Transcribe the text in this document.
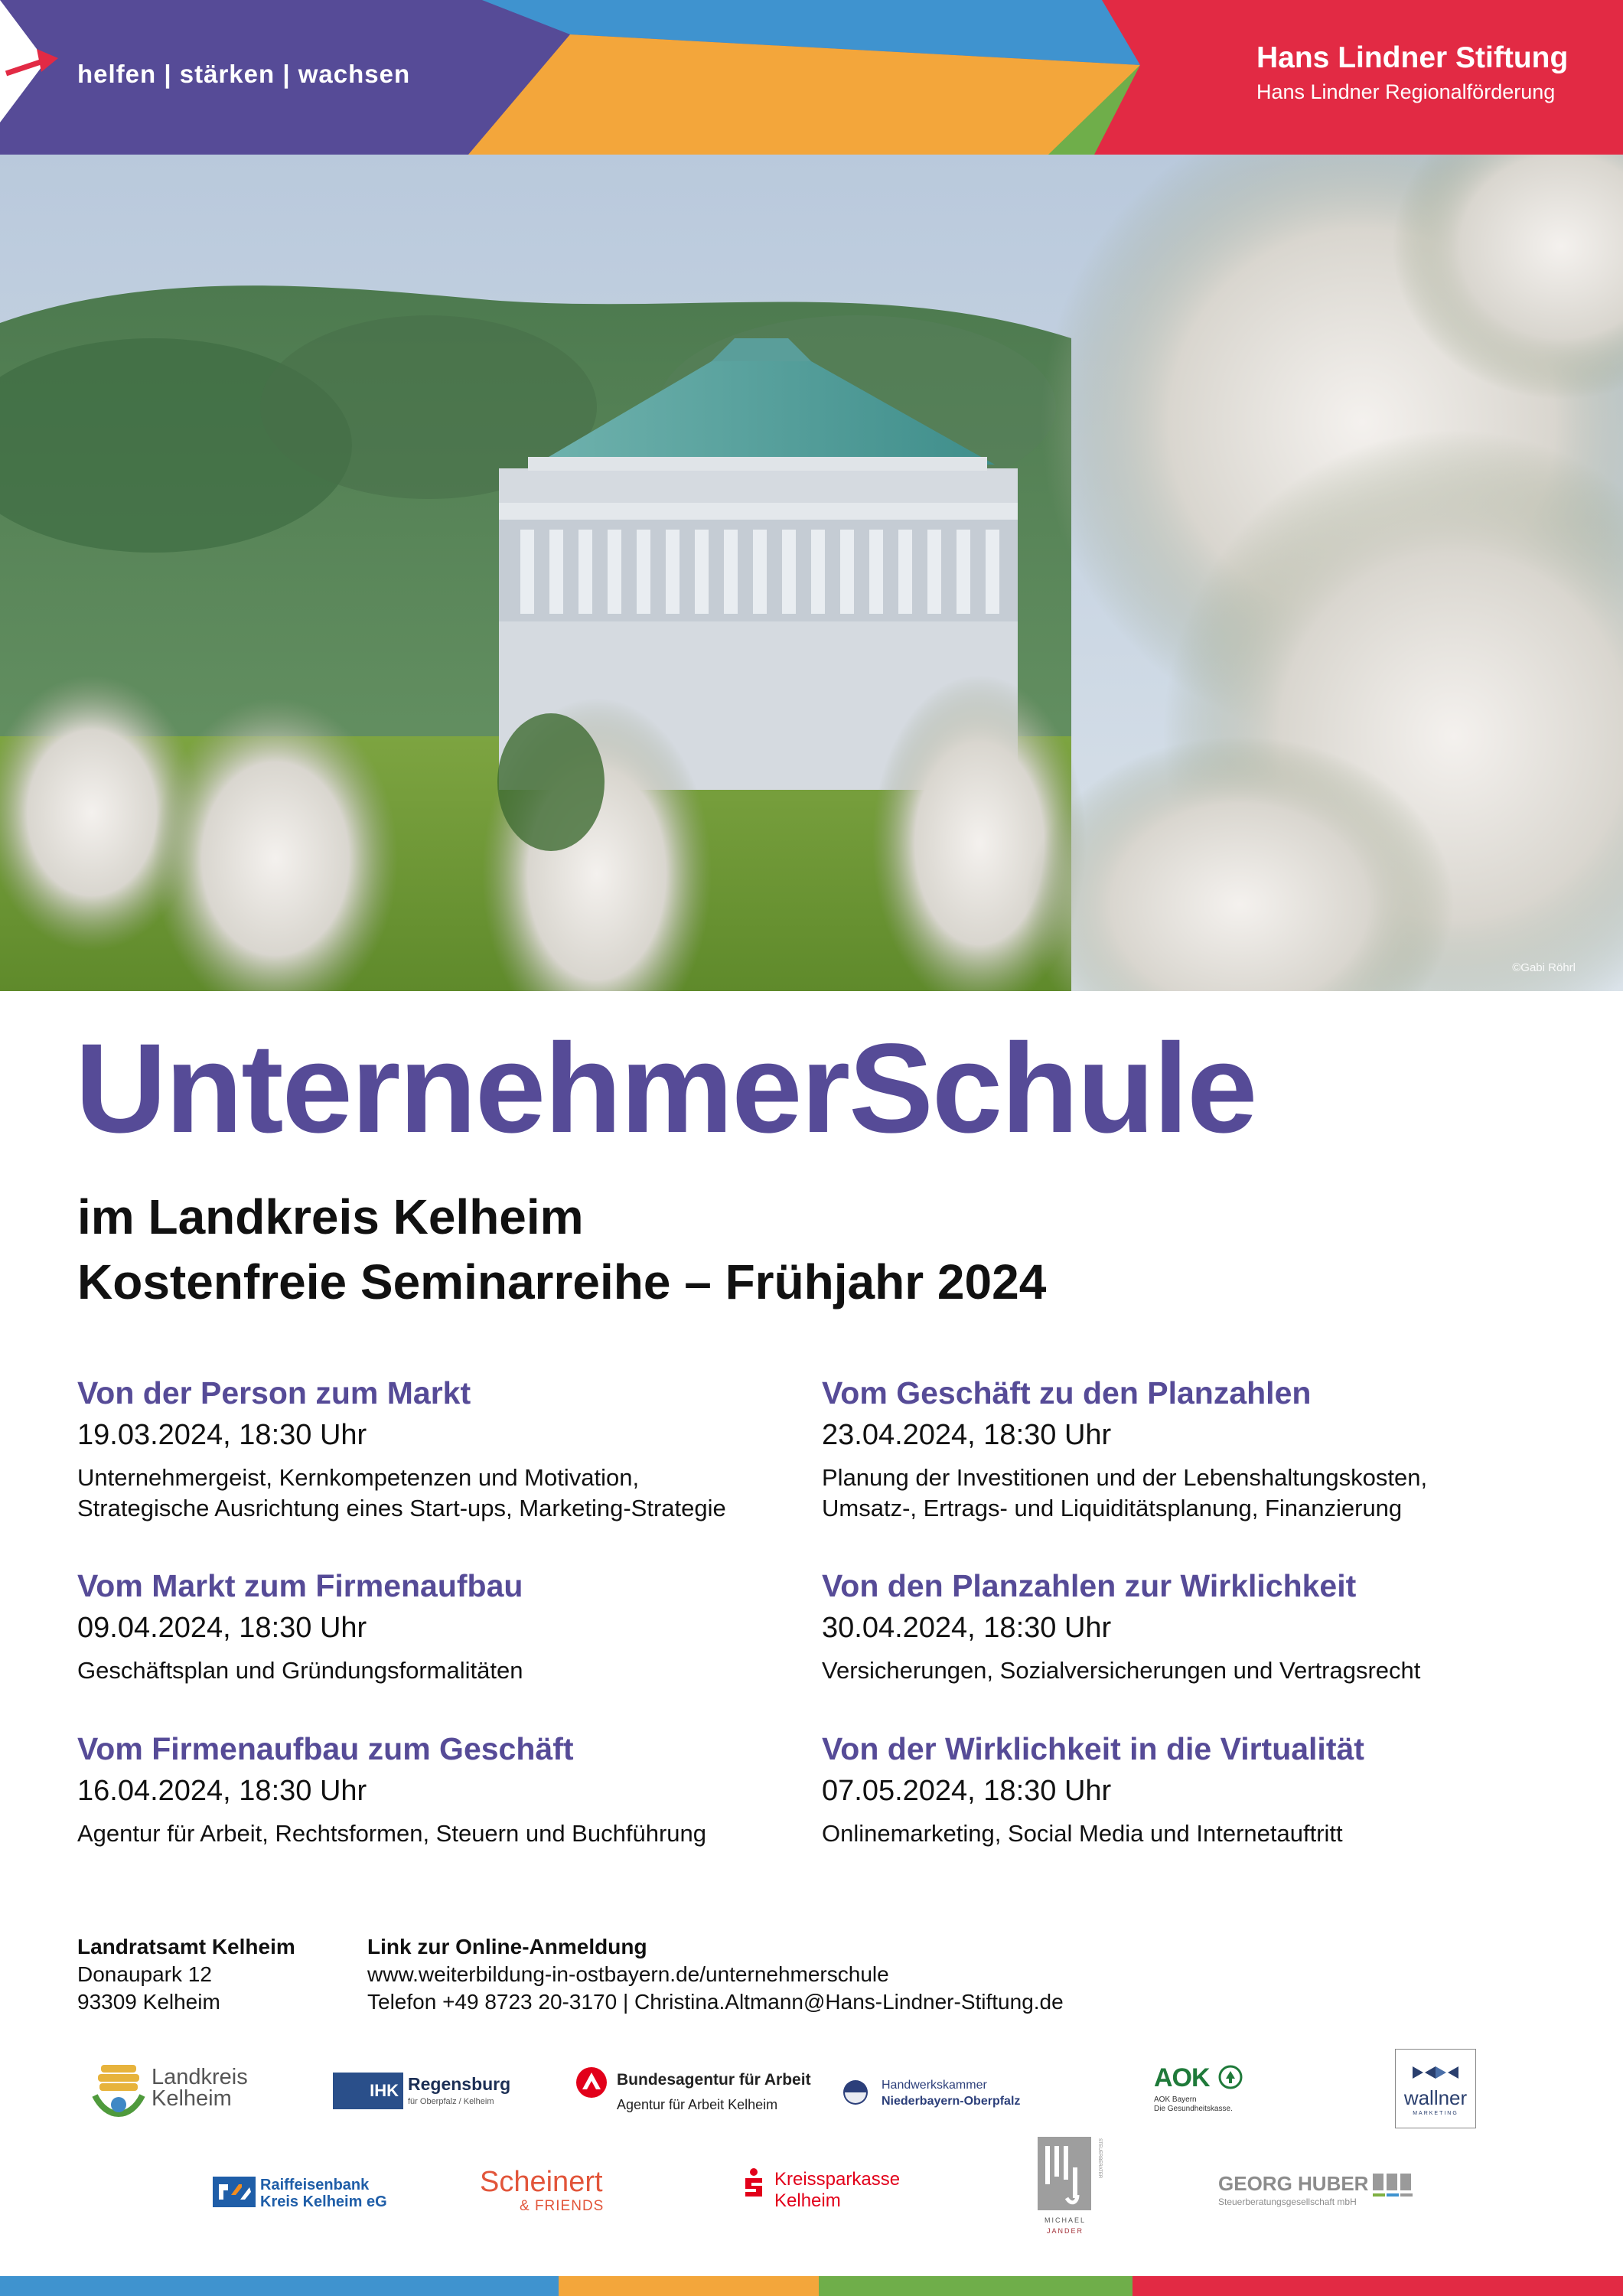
helfen | stärken | wachsen	Hans Lindner Stiftung
Hans Lindner Regionalförderung
©Gabi Röhrl
UnternehmerSchule
im Landkreis Kelheim
Kostenfreie Seminarreihe – Frühjahr 2024
Von der Person zum Markt
19.03.2024, 18:30 Uhr
Unternehmergeist, Kernkompetenzen und Motivation,
Strategische Ausrichtung eines Start-ups, Marketing-Strategie
Vom Geschäft zu den Planzahlen
23.04.2024, 18:30 Uhr
Planung der Investitionen und der Lebenshaltungskosten,
Umsatz-, Ertrags- und Liquiditätsplanung, Finanzierung
Vom Markt zum Firmenaufbau
09.04.2024, 18:30 Uhr
Geschäftsplan und Gründungsformalitäten
Von den Planzahlen zur Wirklichkeit
30.04.2024, 18:30 Uhr
Versicherungen, Sozialversicherungen und Vertragsrecht
Vom Firmenaufbau zum Geschäft
16.04.2024, 18:30 Uhr
Agentur für Arbeit, Rechtsformen, Steuern und Buchführung
Von der Wirklichkeit in die Virtualität
07.05.2024, 18:30 Uhr
Onlinemarketing, Social Media und Internetauftritt
Landratsamt Kelheim
Donaupark 12
93309 Kelheim
Link zur Online-Anmeldung
www.weiterbildung-in-ostbayern.de/unternehmerschule
Telefon +49 8723 20-3170 | Christina.Altmann@Hans-Lindner-Stiftung.de
Landkreis
Kelheim	IHK Regensburg
für Oberpfalz / Kelheim
Bundesagentur für Arbeit
Agentur für Arbeit Kelheim
Handwerkskammer
Niederbayern-Oberpfalz
AOK
AOK Bayern
Die Gesundheitskasse.	wallner
MARKETING
Raiffeisenbank
Kreis Kelheim eG
Scheinert
& FRIENDS
Kreissparkasse
Kelheim
STEUERBERATER
MICHAEL
JANDER
GEORG HUBER
Steuerberatungsgesellschaft mbH
